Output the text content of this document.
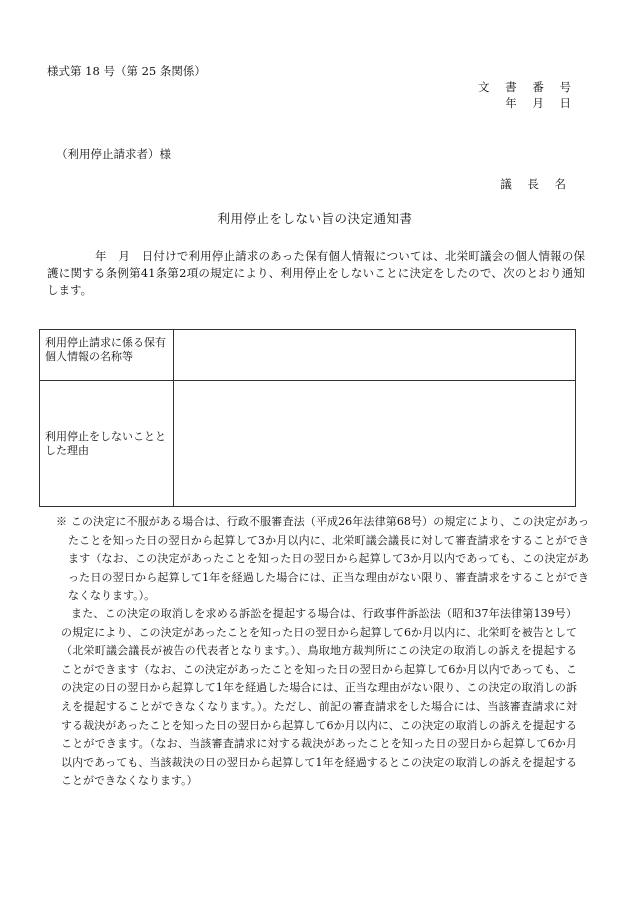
様式第 18 号（第 25 条関係）
文 書 番 号
年 月 日
（利用停止請求者）様
議 長 名
利用停止をしない旨の決定通知書
年　月　日付けで利用停止請求のあった保有個人情報については、北栄町議会の個人情報の保護に関する条例第41条第2項の規定により、利用停止をしないことに決定をしたので、次のとおり通知します。
利用停止請求に係る保有個人情報の名称等	
利用停止をしないこととした理由	
※ この決定に不服がある場合は、行政不服審査法（平成26年法律第68号）の規定により、この決定があったことを知った日の翌日から起算して3か月以内に、北栄町議会議長に対して審査請求をすることができます（なお、この決定があったことを知った日の翌日から起算して3か月以内であっても、この決定があった日の翌日から起算して1年を経過した場合には、正当な理由がない限り、審査請求をすることができなくなります。）。
また、この決定の取消しを求める訴訟を提起する場合は、行政事件訴訟法（昭和37年法律第139号）の規定により、この決定があったことを知った日の翌日から起算して6か月以内に、北栄町を被告として（北栄町議会議長が被告の代表者となります。）、鳥取地方裁判所にこの決定の取消しの訴えを提起することができます（なお、この決定があったことを知った日の翌日から起算して6か月以内であっても、この決定の日の翌日から起算して1年を経過した場合には、正当な理由がない限り、この決定の取消しの訴えを提起することができなくなります。）。ただし、前記の審査請求をした場合には、当該審査請求に対する裁決があったことを知った日の翌日から起算して6か月以内に、この決定の取消しの訴えを提起することができます。（なお、当該審査請求に対する裁決があったことを知った日の翌日から起算して6か月以内であっても、当該裁決の日の翌日から起算して1年を経過するとこの決定の取消しの訴えを提起することができなくなります。）
